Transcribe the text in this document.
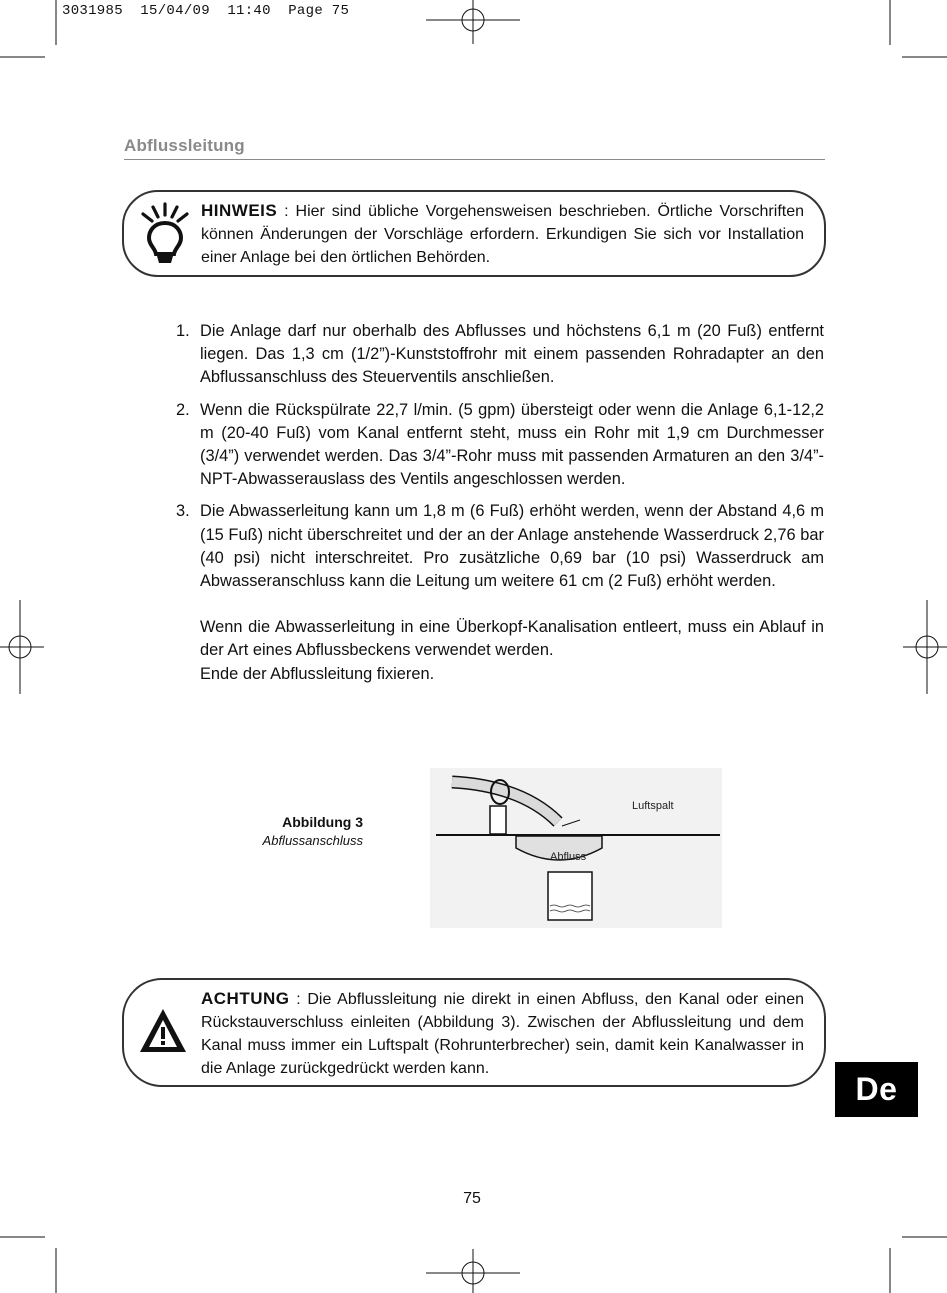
3031985  15/04/09  11:40  Page 75
Abflussleitung
HINWEIS : Hier sind übliche Vorgehensweisen beschrieben. Örtliche Vorschriften können Änderungen der Vorschläge erfordern. Erkundigen Sie sich vor Installation einer Anlage bei den örtlichen Behörden.
1. Die Anlage darf nur oberhalb des Abflusses und höchstens 6,1 m (20 Fuß) entfernt liegen. Das 1,3 cm (1/2”)-Kunststoffrohr mit einem passenden Rohradapter an den Abflussanschluss des Steuerventils anschließen.
2. Wenn die Rückspülrate 22,7 l/min. (5 gpm) übersteigt oder wenn die Anlage 6,1-12,2 m (20-40 Fuß) vom Kanal entfernt steht, muss ein Rohr mit 1,9 cm Durchmesser (3/4”) verwendet werden. Das 3/4”-Rohr muss mit passenden Armaturen an den 3/4”-NPT-Abwasserauslass des Ventils angeschlossen werden.
3. Die Abwasserleitung kann um 1,8 m (6 Fuß) erhöht werden, wenn der Abstand 4,6 m (15 Fuß) nicht überschreitet und der an der Anlage anstehende Wasserdruck 2,76 bar (40 psi) nicht interschreitet. Pro zusätzliche 0,69 bar (10 psi) Wasserdruck am Abwasseranschluss kann die Leitung um weitere 61 cm (2 Fuß) erhöht werden.
Wenn die Abwasserleitung in eine Überkopf-Kanalisation entleert, muss ein Ablauf in der Art eines Abflussbeckens verwendet werden.
Ende der Abflussleitung fixieren.
Abbildung 3
Abflussanschluss
Abfluss
Luftspalt
ACHTUNG : Die Abflussleitung nie direkt in einen Abfluss, den Kanal oder einen Rückstauverschluss einleiten (Abbildung 3). Zwischen der Abflussleitung und dem Kanal muss immer ein Luftspalt (Rohrunterbrecher) sein, damit kein Kanalwasser in die Anlage zurückgedrückt werden kann.
De
75
